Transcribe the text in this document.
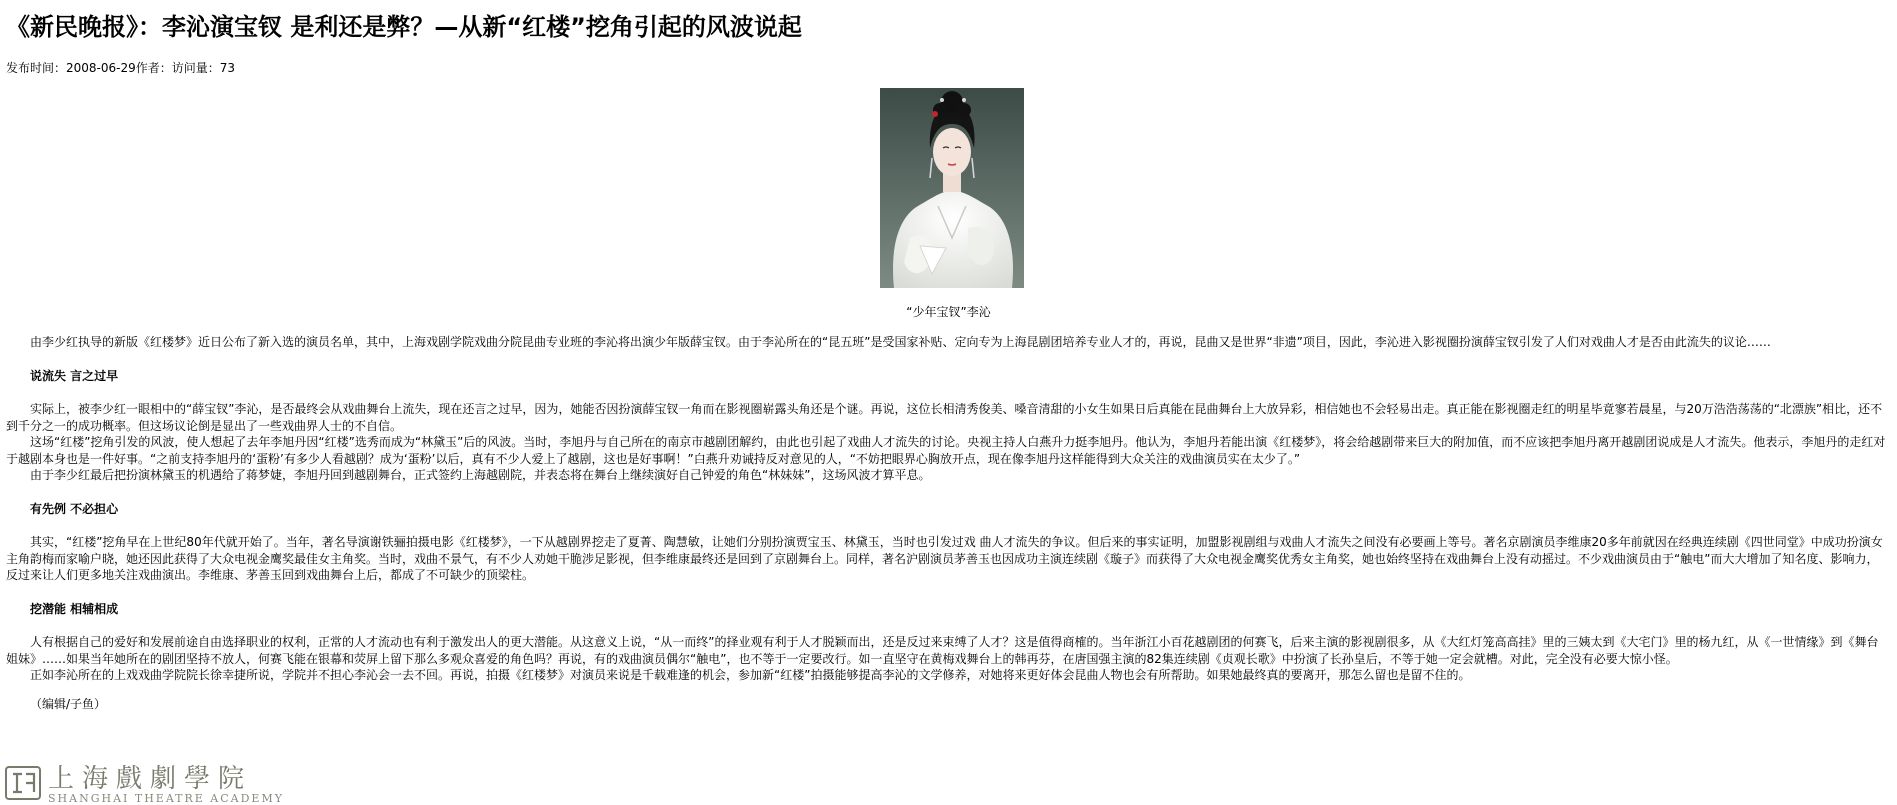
《新民晚报》：李沁演宝钗 是利还是弊？—从新“红楼”挖角引起的风波说起
发布时间：2008-06-29作者：访问量：73
“少年宝钗”李沁

由李少红执导的新版《红楼梦》近日公布了新入选的演员名单，其中，上海戏剧学院戏曲分院昆曲专业班的李沁将出演少年版薛宝钗。由于李沁所在的“昆五班”是受国家补贴、定向专为上海昆剧团培养专业人才的，再说，昆曲又是世界“非遗”项目，因此，李沁进入影视圈扮演薛宝钗引发了人们对戏曲人才是否由此流失的议论……

说流失 言之过早

实际上，被李少红一眼相中的“薛宝钗”李沁，是否最终会从戏曲舞台上流失，现在还言之过早，因为，她能否因扮演薛宝钗一角而在影视圈崭露头角还是个谜。再说，这位长相清秀俊美、嗓音清甜的小女生如果日后真能在昆曲舞台上大放异彩，相信她也不会轻易出走。真正能在影视圈走红的明星毕竟寥若晨星，与20万浩浩荡荡的“北漂族”相比，还不到千分之一的成功概率。但这场议论倒是显出了一些戏曲界人士的不自信。

这场“红楼”挖角引发的风波，使人想起了去年李旭丹因“红楼”选秀而成为“林黛玉”后的风波。当时，李旭丹与自己所在的南京市越剧团解约，由此也引起了戏曲人才流失的讨论。央视主持人白燕升力挺李旭丹。他认为，李旭丹若能出演《红楼梦》，将会给越剧带来巨大的附加值，而不应该把李旭丹离开越剧团说成是人才流失。他表示，李旭丹的走红对于越剧本身也是一件好事。“之前支持李旭丹的‘蛋粉’有多少人看越剧？成为‘蛋粉’以后，真有不少人爱上了越剧，这也是好事啊！”白燕升劝诫持反对意见的人，“不妨把眼界心胸放开点，现在像李旭丹这样能得到大众关注的戏曲演员实在太少了。”

由于李少红最后把扮演林黛玉的机遇给了蒋梦婕，李旭丹回到越剧舞台，正式签约上海越剧院，并表态将在舞台上继续演好自己钟爱的角色“林妹妹”，这场风波才算平息。

有先例 不必担心

其实，“红楼”挖角早在上世纪80年代就开始了。当年，著名导演谢铁骊拍摄电影《红楼梦》，一下从越剧界挖走了夏菁、陶慧敏，让她们分别扮演贾宝玉、林黛玉，当时也引发过戏 曲人才流失的争议。但后来的事实证明，加盟影视剧组与戏曲人才流失之间没有必要画上等号。著名京剧演员李维康20多年前就因在经典连续剧《四世同堂》中成功扮演女主角韵梅而家喻户晓，她还因此获得了大众电视金鹰奖最佳女主角奖。当时，戏曲不景气，有不少人劝她干脆涉足影视，但李维康最终还是回到了京剧舞台上。同样，著名沪剧演员茅善玉也因成功主演连续剧《璇子》而获得了大众电视金鹰奖优秀女主角奖，她也始终坚持在戏曲舞台上没有动摇过。不少戏曲演员由于“触电”而大大增加了知名度、影响力，反过来让人们更多地关注戏曲演出。李维康、茅善玉回到戏曲舞台上后，都成了不可缺少的顶梁柱。

挖潜能 相辅相成

人有根据自己的爱好和发展前途自由选择职业的权利，正常的人才流动也有利于激发出人的更大潜能。从这意义上说，“从一而终”的择业观有利于人才脱颖而出，还是反过来束缚了人才？这是值得商榷的。当年浙江小百花越剧团的何赛飞，后来主演的影视剧很多，从《大红灯笼高高挂》里的三姨太到《大宅门》里的杨九红，从《一世情缘》到《舞台姐妹》……如果当年她所在的剧团坚持不放人，何赛飞能在银幕和荧屏上留下那么多观众喜爱的角色吗？再说，有的戏曲演员偶尔“触电”，也不等于一定要改行。如一直坚守在黄梅戏舞台上的韩再芬，在唐国强主演的82集连续剧《贞观长歌》中扮演了长孙皇后，不等于她一定会就槽。对此，完全没有必要大惊小怪。

正如李沁所在的上戏戏曲学院院长徐幸捷所说，学院并不担心李沁会一去不回。再说，拍摄《红楼梦》对演员来说是千载难逢的机会，参加新“红楼”拍摄能够提高李沁的文学修养，对她将来更好体会昆曲人物也会有所帮助。如果她最终真的要离开，那怎么留也是留不住的。

（编辑/子鱼）

上海戲劇學院
SHANGHAI THEATRE ACADEMY
